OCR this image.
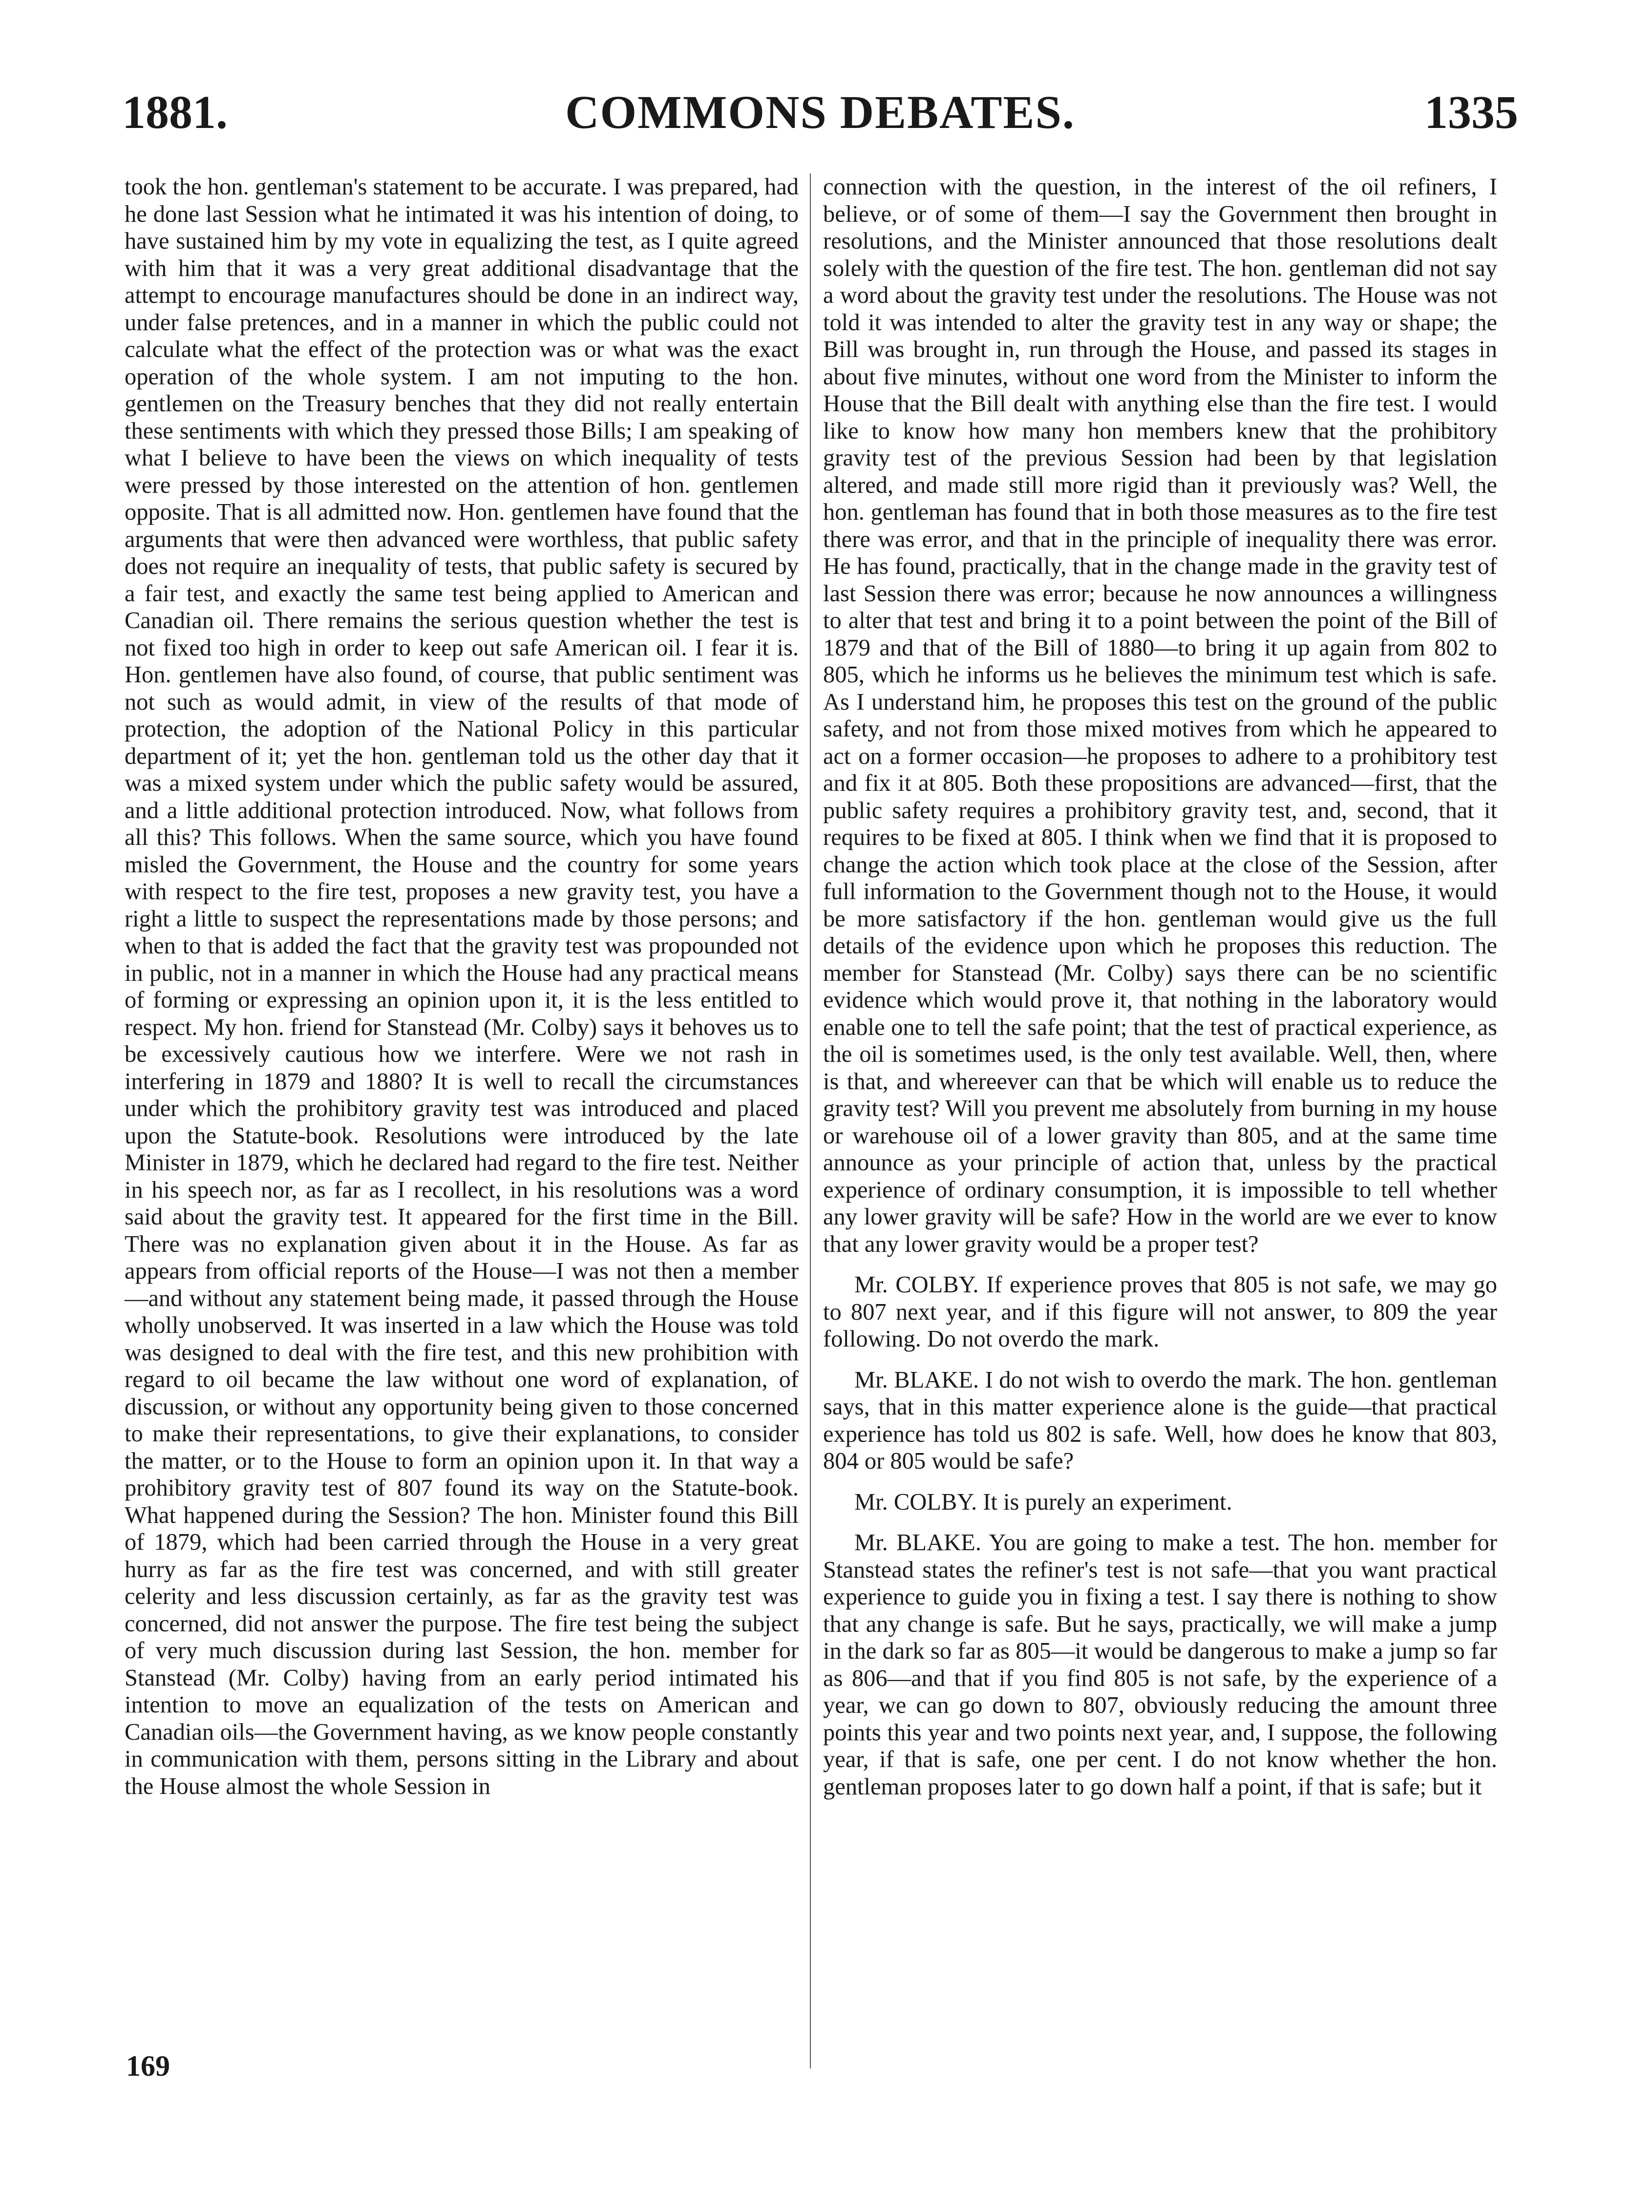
1881.	COMMONS DEBATES.	1335

took the hon. gentleman's statement to be accurate. I was prepared, had he done last Session what he intimated it was his intention of doing, to have sustained him by my vote in equalizing the test, as I quite agreed with him that it was a very great additional disadvantage that the attempt to encourage manufactures should be done in an indirect way, under false pretences, and in a manner in which the public could not calculate what the effect of the protection was or what was the exact operation of the whole system. I am not imputing to the hon. gentlemen on the Treasury benches that they did not really entertain these sentiments with which they pressed those Bills; I am speaking of what I believe to have been the views on which inequality of tests were pressed by those interested on the attention of hon. gentlemen opposite. That is all admitted now. Hon. gentlemen have found that the arguments that were then advanced were worthless, that public safety does not require an inequality of tests, that public safety is secured by a fair test, and exactly the same test being applied to American and Canadian oil. There remains the serious question whether the test is not fixed too high in order to keep out safe American oil. I fear it is. Hon. gentlemen have also found, of course, that public sentiment was not such as would admit, in view of the results of that mode of protection, the adoption of the National Policy in this particular department of it; yet the hon. gentleman told us the other day that it was a mixed system under which the public safety would be assured, and a little additional protection introduced. Now, what follows from all this? This follows. When the same source, which you have found misled the Government, the House and the country for some years with respect to the fire test, proposes a new gravity test, you have a right a little to suspect the representations made by those persons; and when to that is added the fact that the gravity test was propounded not in public, not in a manner in which the House had any practical means of forming or expressing an opinion upon it, it is the less entitled to respect. My hon. friend for Stanstead (Mr. Colby) says it behoves us to be excessively cautious how we interfere. Were we not rash in interfering in 1879 and 1880? It is well to recall the circumstances under which the prohibitory gravity test was introduced and placed upon the Statute-book. Resolutions were introduced by the late Minister in 1879, which he declared had regard to the fire test. Neither in his speech nor, as far as I recollect, in his resolutions was a word said about the gravity test. It appeared for the first time in the Bill. There was no explanation given about it in the House. As far as appears from official reports of the House—I was not then a member—and without any statement being made, it passed through the House wholly unobserved. It was inserted in a law which the House was told was designed to deal with the fire test, and this new prohibition with regard to oil became the law without one word of explanation, of discussion, or without any opportunity being given to those concerned to make their representations, to give their explanations, to consider the matter, or to the House to form an opinion upon it. In that way a prohibitory gravity test of 807 found its way on the Statute-book. What happened during the Session? The hon. Minister found this Bill of 1879, which had been carried through the House in a very great hurry as far as the fire test was concerned, and with still greater celerity and less discussion certainly, as far as the gravity test was concerned, did not answer the purpose. The fire test being the subject of very much discussion during last Session, the hon. member for Stanstead (Mr. Colby) having from an early period intimated his intention to move an equalization of the tests on American and Canadian oils—the Government having, as we know people constantly in communication with them, persons sitting in the Library and about the House almost the whole Session in

connection with the question, in the interest of the oil refiners, I believe, or of some of them—I say the Government then brought in resolutions, and the Minister announced that those resolutions dealt solely with the question of the fire test. The hon. gentleman did not say a word about the gravity test under the resolutions. The House was not told it was intended to alter the gravity test in any way or shape; the Bill was brought in, run through the House, and passed its stages in about five minutes, without one word from the Minister to inform the House that the Bill dealt with anything else than the fire test. I would like to know how many hon members knew that the prohibitory gravity test of the previous Session had been by that legislation altered, and made still more rigid than it previously was? Well, the hon. gentleman has found that in both those measures as to the fire test there was error, and that in the principle of inequality there was error. He has found, practically, that in the change made in the gravity test of last Session there was error; because he now announces a willingness to alter that test and bring it to a point between the point of the Bill of 1879 and that of the Bill of 1880—to bring it up again from 802 to 805, which he informs us he believes the minimum test which is safe. As I understand him, he proposes this test on the ground of the public safety, and not from those mixed motives from which he appeared to act on a former occasion—he proposes to adhere to a prohibitory test and fix it at 805. Both these propositions are advanced—first, that the public safety requires a prohibitory gravity test, and, second, that it requires to be fixed at 805. I think when we find that it is proposed to change the action which took place at the close of the Session, after full information to the Government though not to the House, it would be more satisfactory if the hon. gentleman would give us the full details of the evidence upon which he proposes this reduction. The member for Stanstead (Mr. Colby) says there can be no scientific evidence which would prove it, that nothing in the laboratory would enable one to tell the safe point; that the test of practical experience, as the oil is sometimes used, is the only test available. Well, then, where is that, and whereever can that be which will enable us to reduce the gravity test? Will you prevent me absolutely from burning in my house or warehouse oil of a lower gravity than 805, and at the same time announce as your principle of action that, unless by the practical experience of ordinary consumption, it is impossible to tell whether any lower gravity will be safe? How in the world are we ever to know that any lower gravity would be a proper test?

Mr. COLBY. If experience proves that 805 is not safe, we may go to 807 next year, and if this figure will not answer, to 809 the year following. Do not overdo the mark.

Mr. BLAKE. I do not wish to overdo the mark. The hon. gentleman says, that in this matter experience alone is the guide—that practical experience has told us 802 is safe. Well, how does he know that 803, 804 or 805 would be safe?

Mr. COLBY. It is purely an experiment.

Mr. BLAKE. You are going to make a test. The hon. member for Stanstead states the refiner's test is not safe—that you want practical experience to guide you in fixing a test. I say there is nothing to show that any change is safe. But he says, practically, we will make a jump in the dark so far as 805—it would be dangerous to make a jump so far as 806—and that if you find 805 is not safe, by the experience of a year, we can go down to 807, obviously reducing the amount three points this year and two points next year, and, I suppose, the following year, if that is safe, one per cent. I do not know whether the hon. gentleman proposes later to go down half a point, if that is safe; but it

169
